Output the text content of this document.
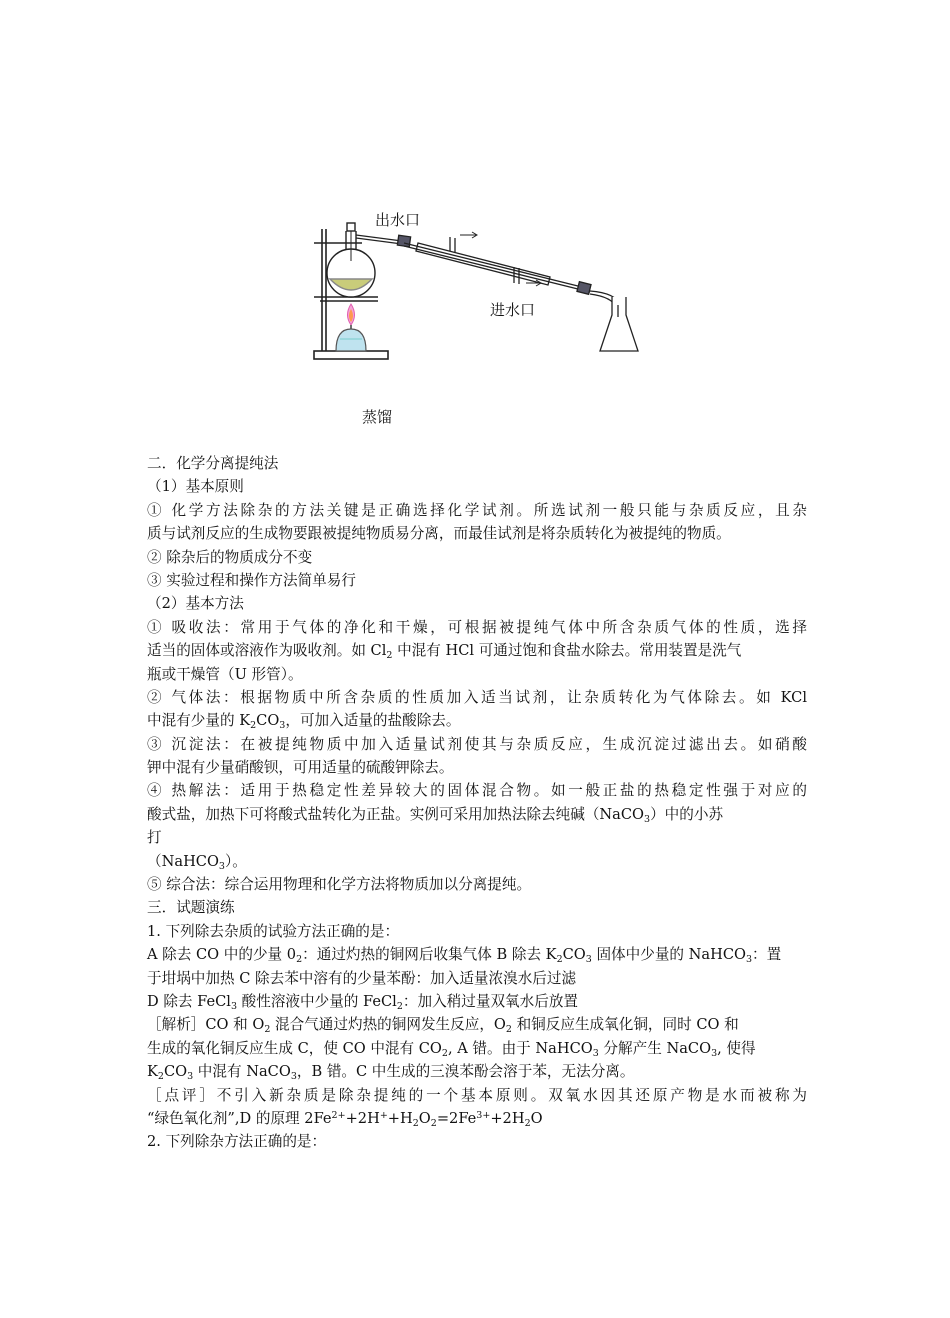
出水口
进水口
蒸馏
二．化学分离提纯法
（1）基本原则
① 化学方法除杂的方法关键是正确选择化学试剂。所选试剂一般只能与杂质反应，且杂
质与试剂反应的生成物要跟被提纯物质易分离，而最佳试剂是将杂质转化为被提纯的物质。
② 除杂后的物质成分不变
③ 实验过程和操作方法简单易行
（2）基本方法
① 吸收法：常用于气体的净化和干燥，可根据被提纯气体中所含杂质气体的性质，选择
适当的固体或溶液作为吸收剂。如 $Cl_2$ 中混有 HCl 可通过饱和食盐水除去。常用装置是洗气
瓶或干燥管（U 形管）。
② 气体法：根据物质中所含杂质的性质加入适当试剂，让杂质转化为气体除去。如 KCl
中混有少量的 $K_2CO_3$，可加入适量的盐酸除去。
③ 沉淀法：在被提纯物质中加入适量试剂使其与杂质反应，生成沉淀过滤出去。如硝酸
钾中混有少量硝酸钡，可用适量的硫酸钾除去。
④ 热解法：适用于热稳定性差异较大的固体混合物。如一般正盐的热稳定性强于对应的
酸式盐，加热下可将酸式盐转化为正盐。实例可采用加热法除去纯碱（NaCO$_3$）中的小苏
打
（NaHCO$_3$）。
⑤ 综合法：综合运用物理和化学方法将物质加以分离提纯。
三．试题演练
1. 下列除去杂质的试验方法正确的是：
A 除去 CO 中的少量 $0_2$：通过灼热的铜网后收集气体 B 除去 $K_2CO_3$ 固体中少量的 NaHCO$_3$：置
于坩埚中加热 C 除去苯中溶有的少量苯酚：加入适量浓溴水后过滤
D 除去 FeCl$_3$ 酸性溶液中少量的 FeCl$_2$：加入稍过量双氧水后放置
［解析］CO 和 $O_2$ 混合气通过灼热的铜网发生反应，$O_2$ 和铜反应生成氧化铜，同时 CO 和
生成的氧化铜反应生成 C，使 CO 中混有 $CO_2$, A 错。由于 NaHCO$_3$ 分解产生 NaCO$_3$, 使得
$K_2CO_3$ 中混有 NaCO$_3$，B 错。C 中生成的三溴苯酚会溶于苯，无法分离。
［点评］不引入新杂质是除杂提纯的一个基本原则。双氧水因其还原产物是水而被称为
“绿色氧化剂”,D 的原理 $2Fe^{2+}+2H^++H_2O_2=2Fe^{3+}+2H_2O$
2. 下列除杂方法正确的是：
